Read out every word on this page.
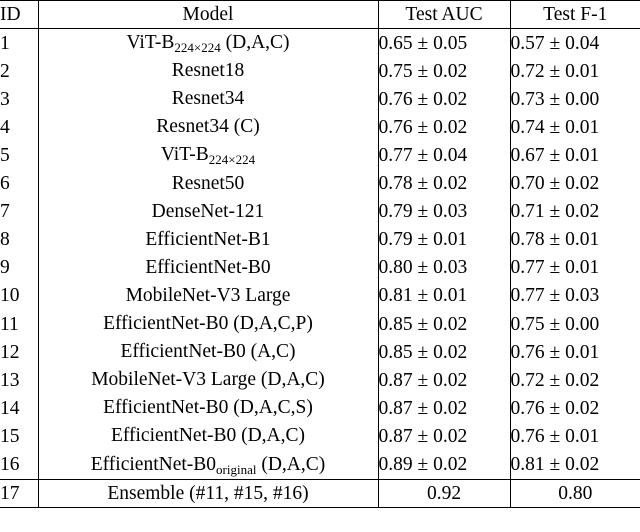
ID	Model	Test AUC	Test F-1
1	ViT-$B_{224\times 224}$ (D,A,C)	0.65 ± 0.05	0.57 ± 0.04
2	Resnet18	0.75 ± 0.02	0.72 ± 0.01
3	Resnet34	0.76 ± 0.02	0.73 ± 0.00
4	Resnet34 (C)	0.76 ± 0.02	0.74 ± 0.01
5	ViT-$B_{224\times 224}$	0.77 ± 0.04	0.67 ± 0.01
6	Resnet50	0.78 ± 0.02	0.70 ± 0.02
7	DenseNet-121	0.79 ± 0.03	0.71 ± 0.02
8	EfficientNet-B1	0.79 ± 0.01	0.78 ± 0.01
9	EfficientNet-B0	0.80 ± 0.03	0.77 ± 0.01
10	MobileNet-V3 Large	0.81 ± 0.01	0.77 ± 0.03
11	EfficientNet-B0 (D,A,C,P)	0.85 ± 0.02	0.75 ± 0.00
12	EfficientNet-B0 (A,C)	0.85 ± 0.02	0.76 ± 0.01
13	MobileNet-V3 Large (D,A,C)	0.87 ± 0.02	0.72 ± 0.02
14	EfficientNet-B0 (D,A,C,S)	0.87 ± 0.02	0.76 ± 0.02
15	EfficientNet-B0 (D,A,C)	0.87 ± 0.02	0.76 ± 0.01
16	EfficientNet-$B0_{original}$ (D,A,C)	0.89 ± 0.02	0.81 ± 0.02
17	Ensemble (#11, #15, #16)	0.92	0.80
